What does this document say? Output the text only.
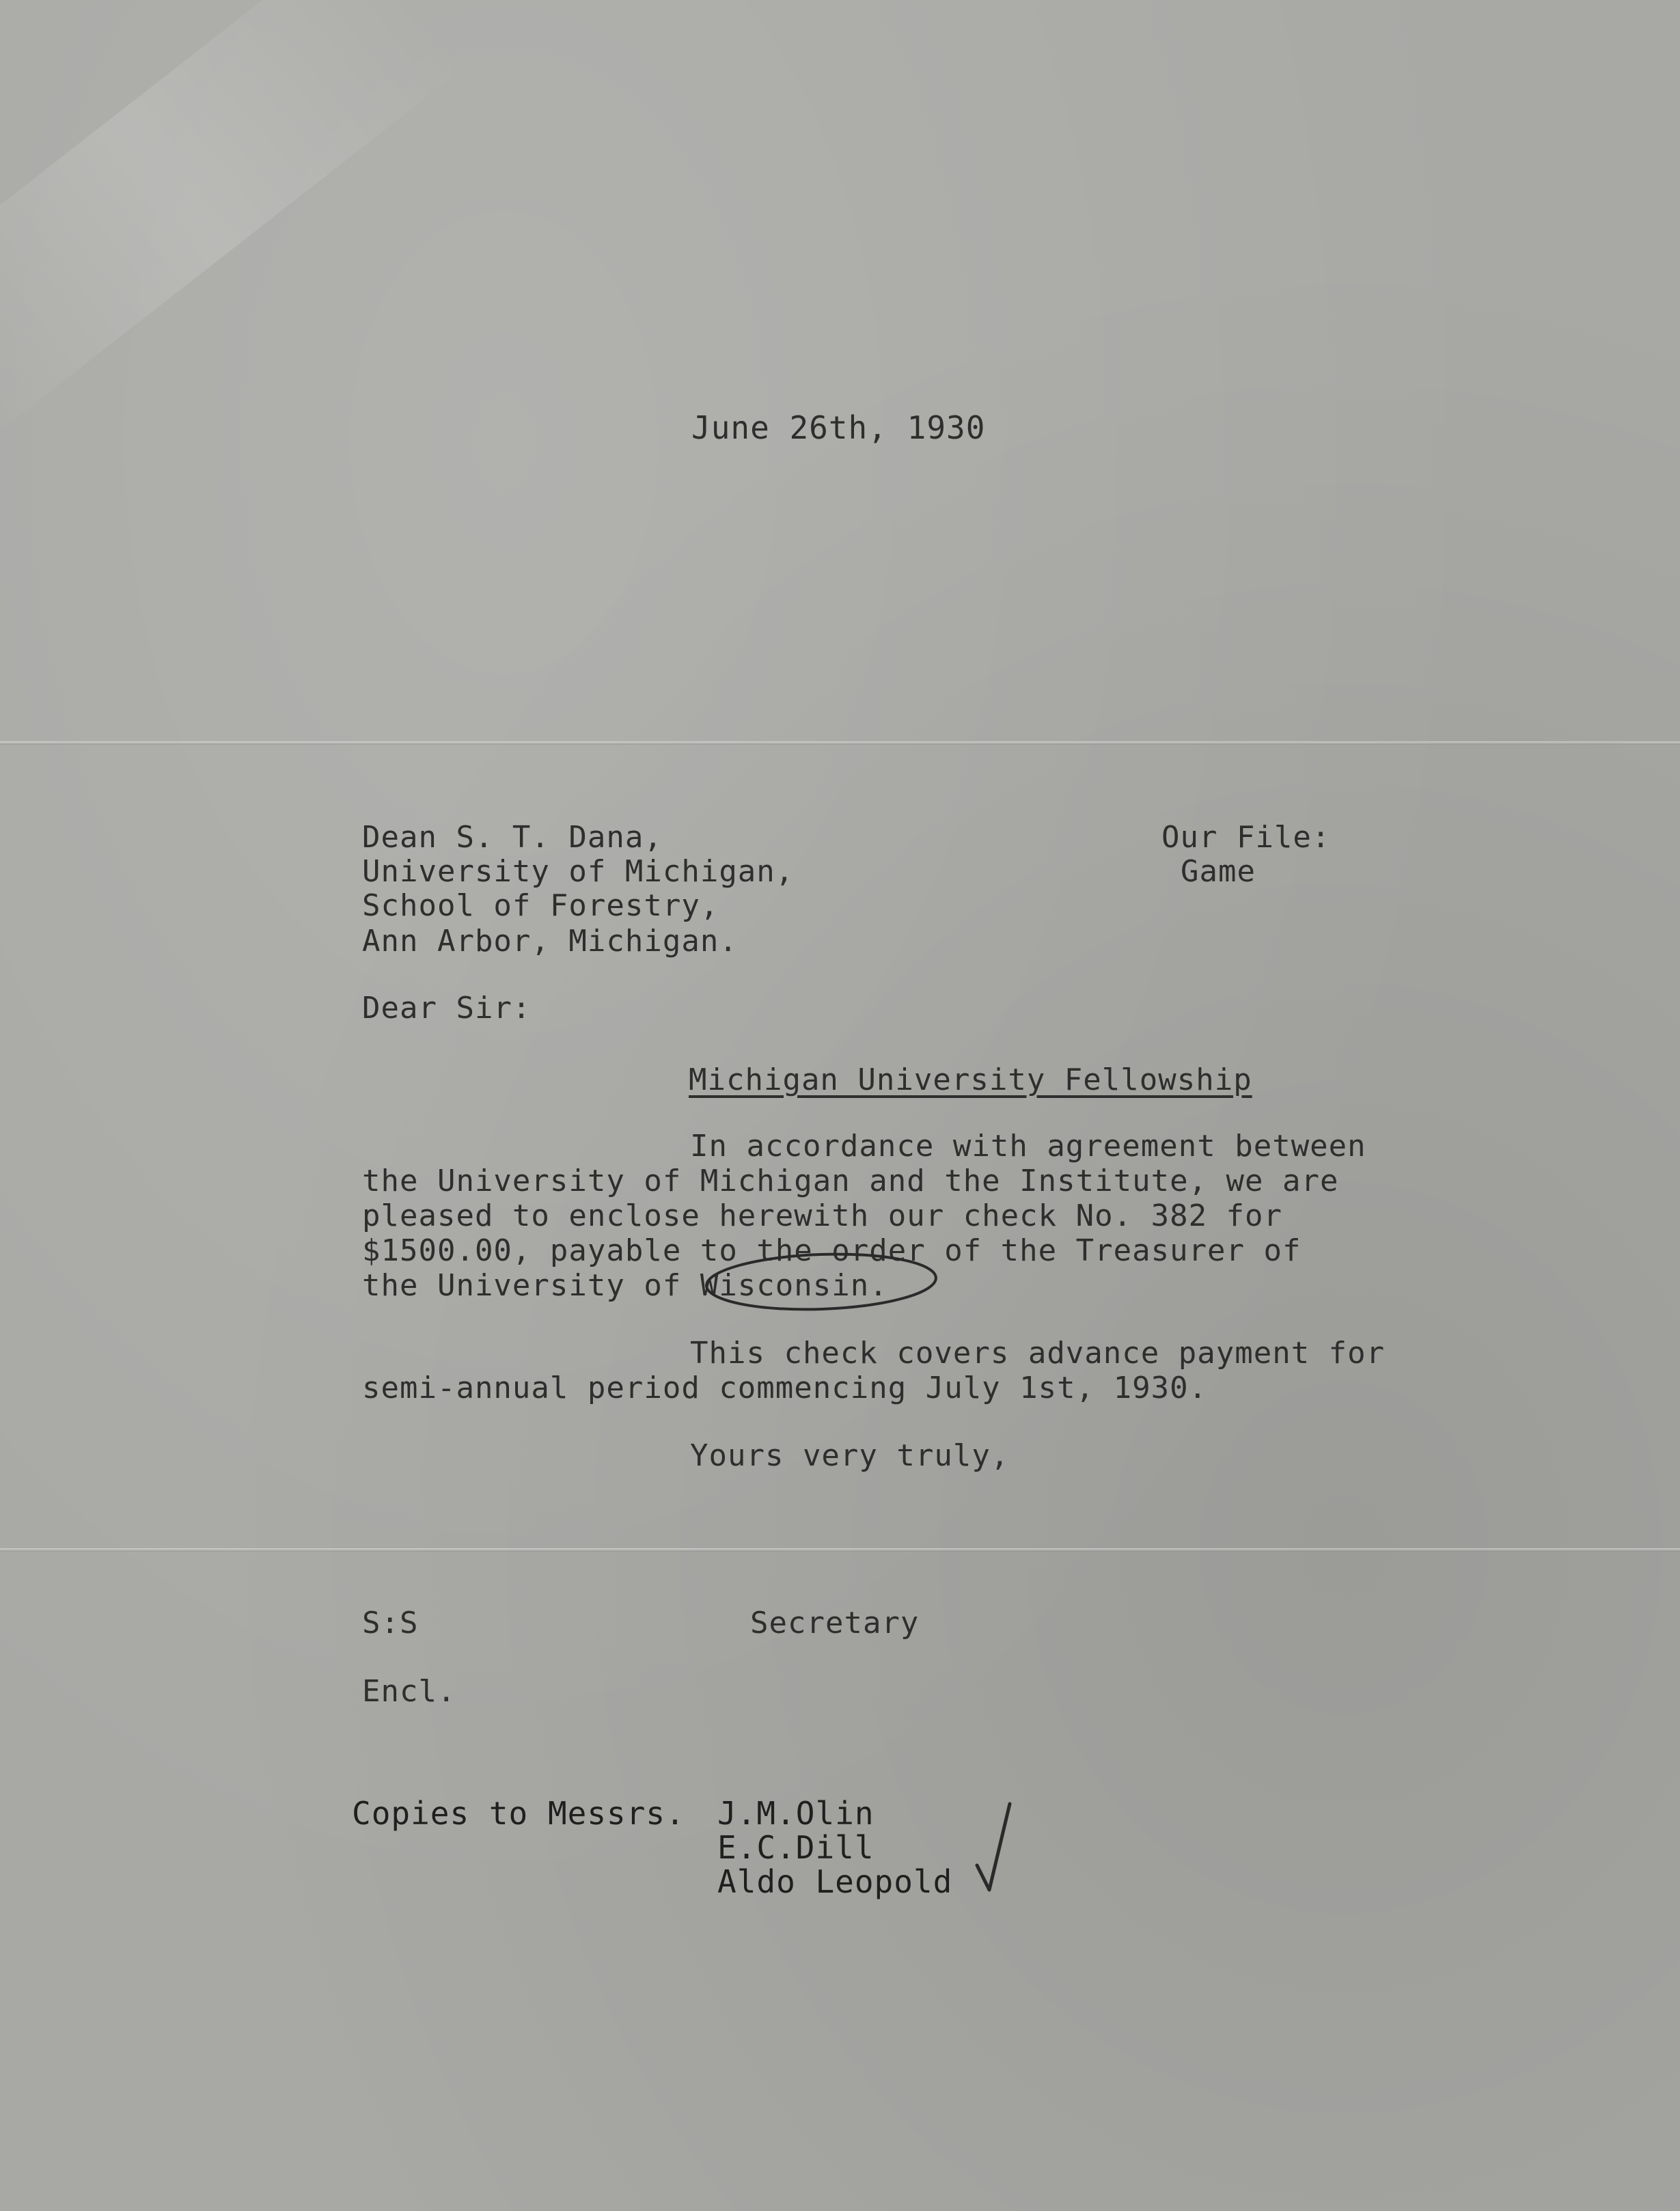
June 26th, 1930
Dean S. T. Dana,
University of Michigan,
School of Forestry,
Ann Arbor, Michigan.
Our File:
Game
Dear Sir:
Michigan University Fellowship
In accordance with agreement between
the University of Michigan and the Institute, we are
pleased to enclose herewith our check No. 382 for
$1500.00, payable to the order of the Treasurer of
the University of Wisconsin.
This check covers advance payment for
semi-annual period commencing July 1st, 1930.
Yours very truly,
S:S	Secretary
Encl.
Copies to Messrs. J.M.Olin
E.C.Dill
Aldo Leopold
